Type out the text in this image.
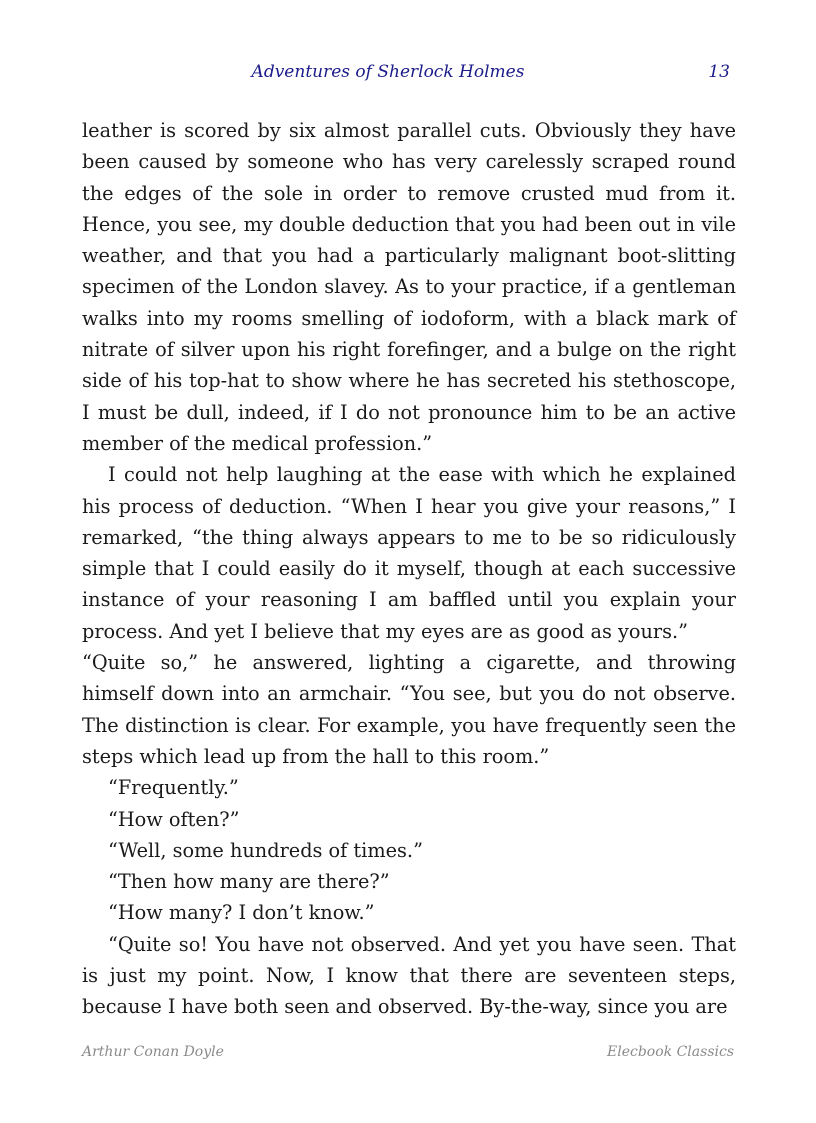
Adventures of Sherlock Holmes	13

leather is scored by six almost parallel cuts. Obviously they have been caused by someone who has very carelessly scraped round the edges of the sole in order to remove crusted mud from it. Hence, you see, my double deduction that you had been out in vile weather, and that you had a particularly malignant boot-slitting specimen of the London slavey. As to your practice, if a gentleman walks into my rooms smelling of iodoform, with a black mark of nitrate of silver upon his right forefinger, and a bulge on the right side of his top-hat to show where he has secreted his stethoscope, I must be dull, indeed, if I do not pronounce him to be an active member of the medical profession.”

I could not help laughing at the ease with which he explained his process of deduction. “When I hear you give your reasons,” I remarked, “the thing always appears to me to be so ridiculously simple that I could easily do it myself, though at each successive instance of your reasoning I am baffled until you explain your process. And yet I believe that my eyes are as good as yours.”

“Quite so,” he answered, lighting a cigarette, and throwing himself down into an armchair. “You see, but you do not observe. The distinction is clear. For example, you have frequently seen the steps which lead up from the hall to this room.”

“Frequently.”

“How often?”

“Well, some hundreds of times.”

“Then how many are there?”

“How many? I don’t know.”

“Quite so! You have not observed. And yet you have seen. That is just my point. Now, I know that there are seventeen steps, because I have both seen and observed. By-the-way, since you are

Arthur Conan Doyle	Elecbook Classics
